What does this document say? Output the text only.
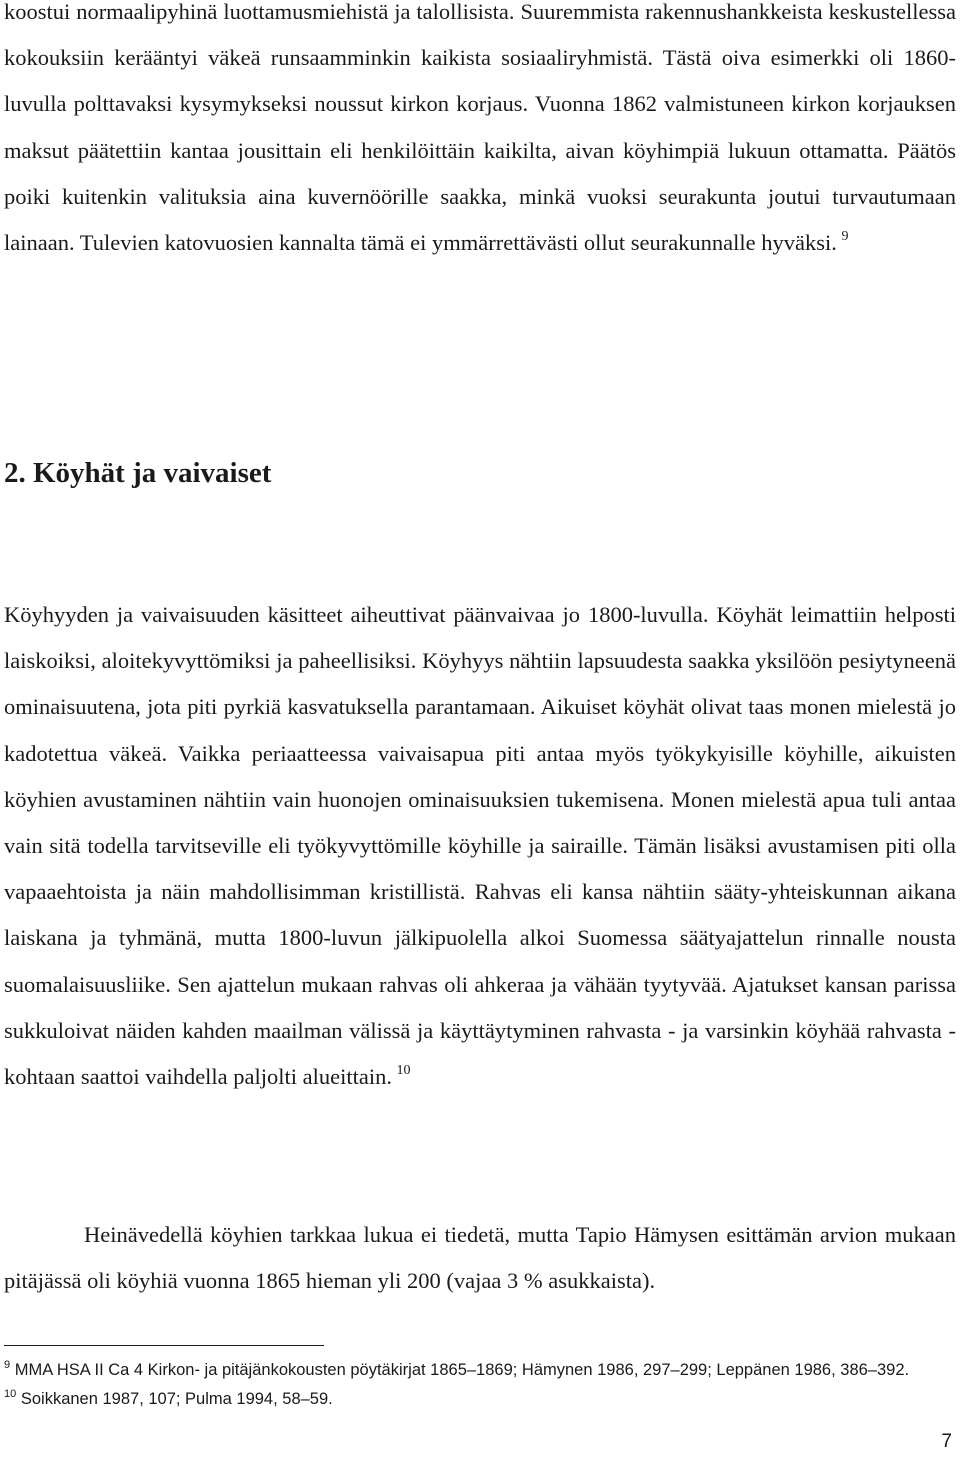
koostui normaalipyhinä luottamusmiehistä ja talollisista. Suuremmista rakennushankkeista keskustellessa kokouksiin kerääntyi väkeä runsaamminkin kaikista sosiaaliryhmistä. Tästä oiva esimerkki oli 1860-luvulla polttavaksi kysymykseksi noussut kirkon korjaus. Vuonna 1862 valmistuneen kirkon korjauksen maksut päätettiin kantaa jousittain eli henkilöittäin kaikilta, aivan köyhimpiä lukuun ottamatta. Päätös poiki kuitenkin valituksia aina kuvernöörille saakka, minkä vuoksi seurakunta joutui turvautumaan lainaan. Tulevien katovuosien kannalta tämä ei ymmärrettävästi ollut seurakunnalle hyväksi.  $^9$

2. Köyhät ja vaivaiset

Köyhyyden ja vaivaisuuden käsitteet aiheuttivat päänvaivaa jo 1800-luvulla. Köyhät leimattiin helposti laiskoiksi, aloitekyvyttömiksi ja paheellisiksi. Köyhyys nähtiin lapsuudesta saakka yksilöön pesiytyneenä ominaisuutena, jota piti pyrkiä kasvatuksella parantamaan. Aikuiset köyhät olivat taas monen mielestä jo kadotettua väkeä. Vaikka periaatteessa vaivaisapua piti antaa myös työkykyisille köyhille, aikuisten köyhien avustaminen nähtiin vain huonojen ominaisuuksien tukemisena. Monen mielestä apua tuli antaa vain sitä todella tarvitseville eli työkyvyttömille köyhille ja sairaille. Tämän lisäksi avustamisen piti olla vapaaehtoista ja näin mahdollisimman kristillistä. Rahvas eli kansa nähtiin sääty-yhteiskunnan aikana laiskana ja tyhmänä, mutta 1800-luvun jälkipuolella alkoi Suomessa säätyajattelun rinnalle nousta suomalaisuusliike. Sen ajattelun mukaan rahvas oli ahkeraa ja vähään tyytyvää. Ajatukset kansan parissa sukkuloivat näiden kahden maailman välissä ja käyttäytyminen rahvasta - ja varsinkin köyhää rahvasta -kohtaan saattoi vaihdella paljolti alueittain.  $^{10}$

Heinävedellä köyhien tarkkaa lukua ei tiedetä, mutta Tapio Hämysen esittämän arvion mukaan pitäjässä oli köyhiä vuonna 1865 hieman yli 200 (vajaa 3 % asukkaista).

$^9$ MMA HSA II Ca 4 Kirkon- ja pitäjänkokousten pöytäkirjat 1865–1869; Hämynen 1986, 297–299; Leppänen 1986, 386–392.

$^{10}$ Soikkanen 1987, 107; Pulma 1994, 58–59.

7
